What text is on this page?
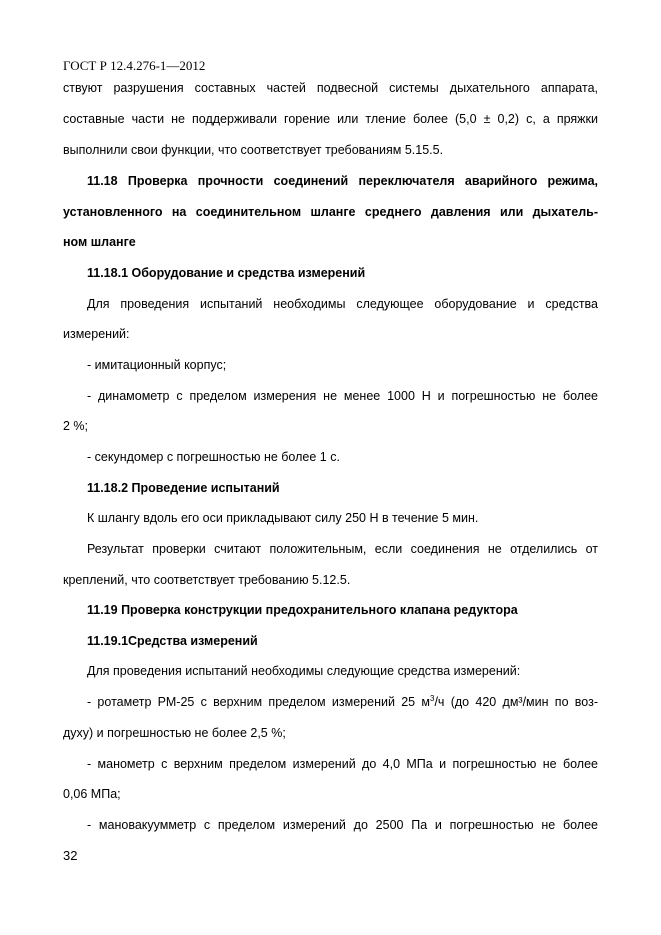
ГОСТ Р 12.4.276-1—2012
ствуют разрушения составных частей подвесной системы дыхательного аппарата,
составные части не поддерживали горение или тление более (5,0 ± 0,2) с, а пряжки
выполнили свои функции, что соответствует требованиям 5.15.5.
11.18 Проверка прочности соединений переключателя аварийного режима,
установленного на соединительном шланге среднего давления или дыхатель-
ном шланге
11.18.1 Оборудование и средства измерений
Для проведения испытаний необходимы следующее оборудование и средства
измерений:
- имитационный корпус;
- динамометр с пределом измерения не менее 1000 Н и погрешностью не более
2 %;
- секундомер с погрешностью не более 1 с.
11.18.2 Проведение испытаний
К шлангу вдоль его оси прикладывают силу 250 Н в течение 5 мин.
Результат проверки считают положительным, если соединения не отделились от
креплений, что соответствует требованию 5.12.5.
11.19 Проверка конструкции предохранительного клапана редуктора
11.19.1Средства измерений
Для проведения испытаний необходимы следующие средства измерений:
- ротаметр РМ-25 с верхним пределом измерений 25 $м^3/ч$ (до 420 дм³/мин по воз-
духу) и погрешностью не более 2,5 %;
- манометр с верхним пределом измерений до 4,0 МПа и погрешностью не более
0,06 МПа;
- мановакуумметр с пределом измерений до 2500 Па и погрешностью не более
32
